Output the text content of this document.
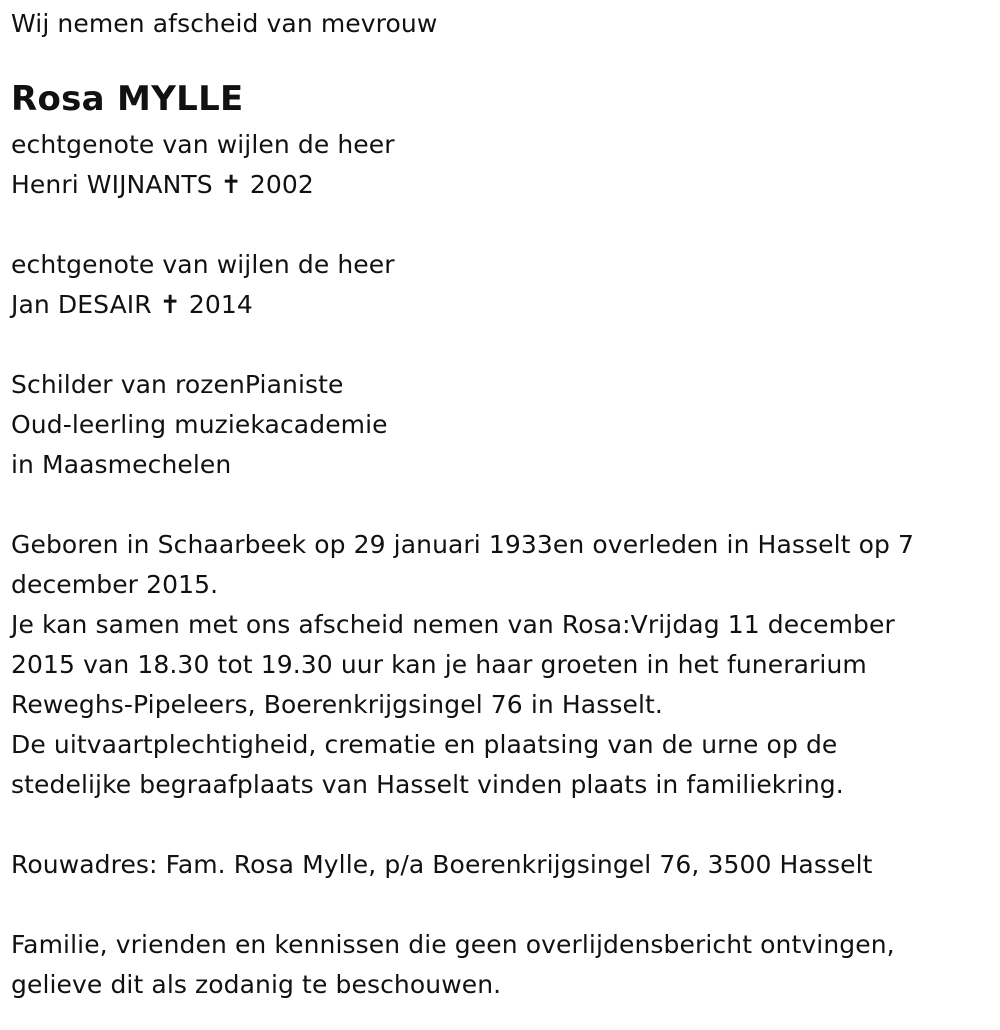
Wij nemen afscheid van mevrouw
Rosa MYLLE
echtgenote van wijlen de heer
Henri WIJNANTS ✝ 2002
echtgenote van wijlen de heer
Jan DESAIR ✝ 2014
Schilder van rozenPianiste
Oud-leerling muziekacademie
in Maasmechelen
Geboren in Schaarbeek op 29 januari 1933en overleden in Hasselt op 7
december 2015.
Je kan samen met ons afscheid nemen van Rosa:Vrijdag 11 december
2015 van 18.30 tot 19.30 uur kan je haar groeten in het funerarium
Reweghs-Pipeleers, Boerenkrijgsingel 76 in Hasselt.
De uitvaartplechtigheid, crematie en plaatsing van de urne op de
stedelijke begraafplaats van Hasselt vinden plaats in familiekring.
Rouwadres: Fam. Rosa Mylle, p/a Boerenkrijgsingel 76, 3500 Hasselt
Familie, vrienden en kennissen die geen overlijdensbericht ontvingen,
gelieve dit als zodanig te beschouwen.
